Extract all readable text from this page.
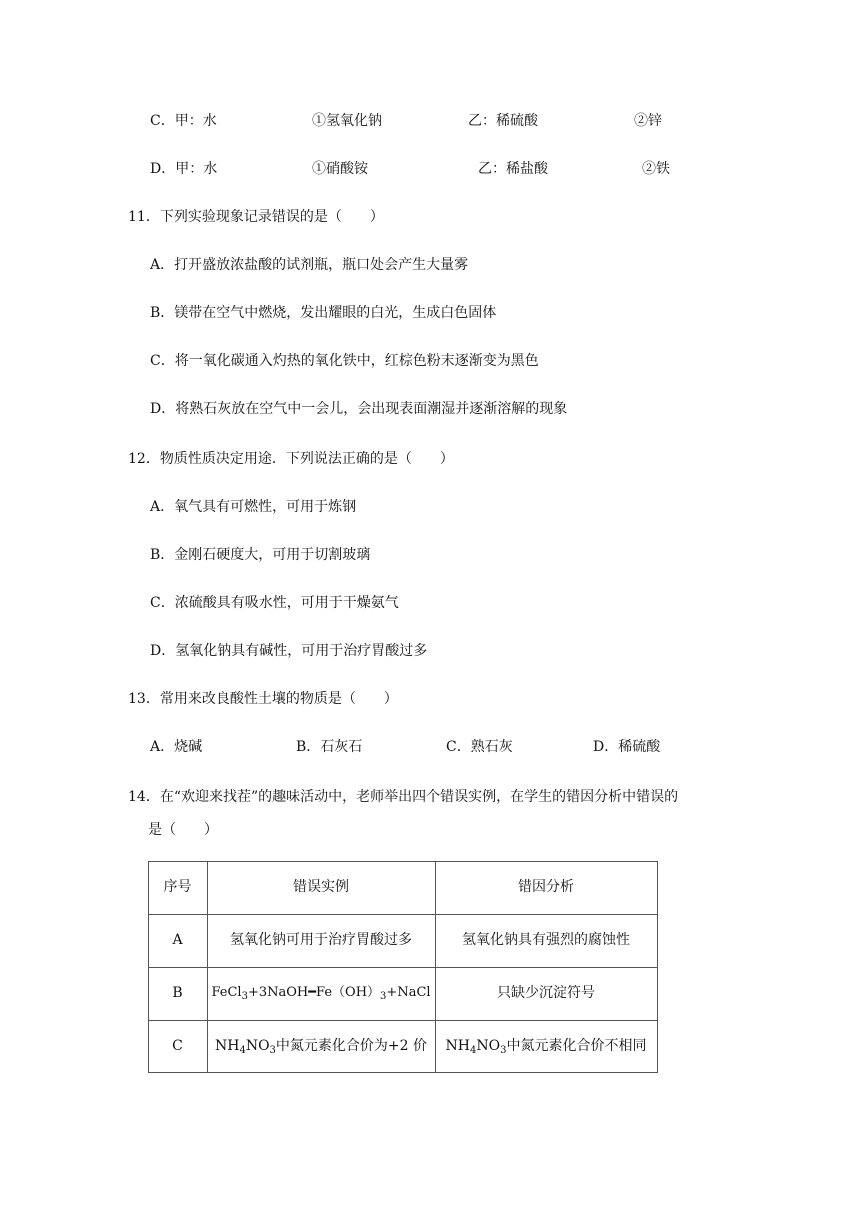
C．甲：水	①氢氧化钠	乙：稀硫酸	②锌
D．甲：水	①硝酸铵	乙：稀盐酸	②铁
11．下列实验现象记录错误的是（　　）
A．打开盛放浓盐酸的试剂瓶，瓶口处会产生大量雾
B．镁带在空气中燃烧，发出耀眼的白光，生成白色固体
C．将一氧化碳通入灼热的氧化铁中，红棕色粉末逐渐变为黑色
D．将熟石灰放在空气中一会儿，会出现表面潮湿并逐渐溶解的现象
12．物质性质决定用途．下列说法正确的是（　　）
A．氧气具有可燃性，可用于炼钢
B．金刚石硬度大，可用于切割玻璃
C．浓硫酸具有吸水性，可用于干燥氨气
D．氢氧化钠具有碱性，可用于治疗胃酸过多
13．常用来改良酸性土壤的物质是（　　）
A．烧碱	B．石灰石	C．熟石灰	D．稀硫酸
14．在“欢迎来找茬”的趣味活动中，老师举出四个错误实例，在学生的错因分析中错误的
是（　　）
序号	错误实例	错因分析
A	氢氧化钠可用于治疗胃酸过多	氢氧化钠具有强烈的腐蚀性
B	$FeCl_3+3NaOH━Fe(OH)_3+NaCl$	只缺少沉淀符号
C	$NH_4NO_3$中氮元素化合价为+2 价	$NH_4NO_3$中氮元素化合价不相同
